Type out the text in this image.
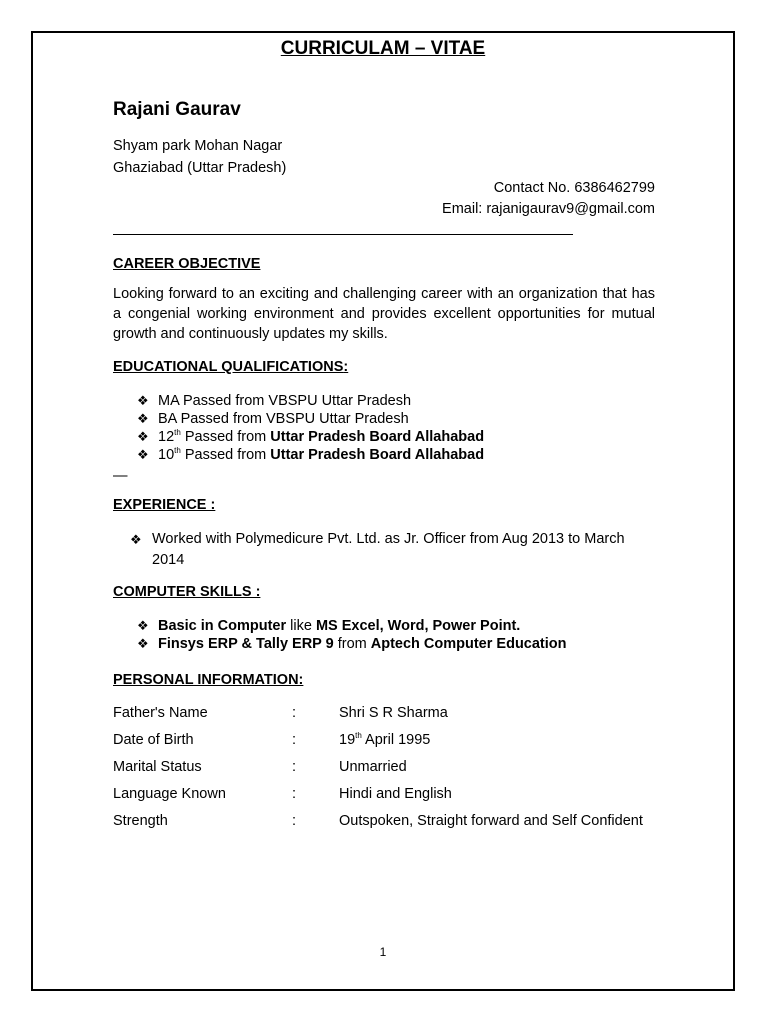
CURRICULAM – VITAE
Rajani Gaurav
Shyam park Mohan Nagar
Ghaziabad (Uttar Pradesh)
Contact No. 6386462799
Email: rajanigaurav9@gmail.com
CAREER OBJECTIVE
Looking forward to an exciting and challenging career with an organization that has a congenial working environment and provides excellent opportunities for mutual growth and continuously updates my skills.
EDUCATIONAL QUALIFICATIONS:
❖ MA Passed from VBSPU Uttar Pradesh
❖ BA Passed from VBSPU Uttar Pradesh
❖ 12th Passed from Uttar Pradesh Board Allahabad
❖ 10th Passed from Uttar Pradesh Board Allahabad
—
EXPERIENCE :
❖ Worked with Polymedicure Pvt. Ltd. as Jr. Officer from Aug 2013 to March 2014
COMPUTER SKILLS :
❖ Basic in Computer like MS Excel, Word, Power Point.
❖ Finsys ERP & Tally ERP 9 from Aptech Computer Education
PERSONAL INFORMATION:
Father's Name	:	Shri S R Sharma
Date of Birth	:	19th April 1995
Marital Status	:	Unmarried
Language Known	:	Hindi and English
Strength	:	Outspoken, Straight forward and Self Confident
1
